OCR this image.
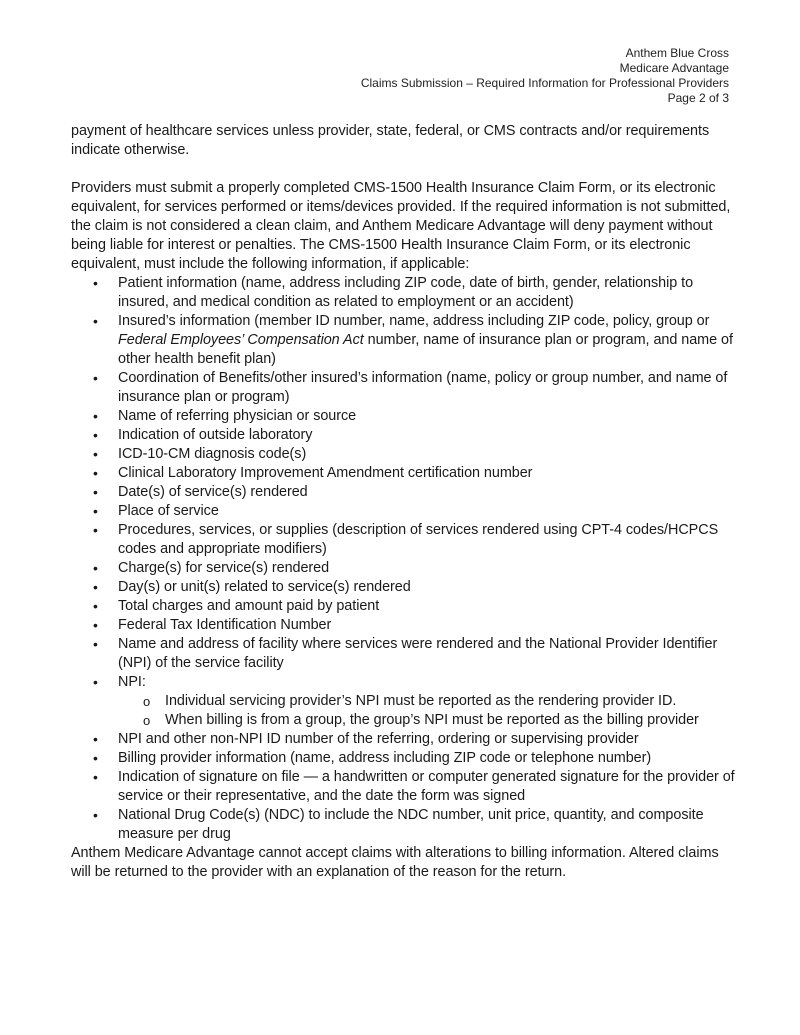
Anthem Blue Cross
Medicare Advantage
Claims Submission – Required Information for Professional Providers
Page 2 of 3

payment of healthcare services unless provider, state, federal, or CMS contracts and/or requirements indicate otherwise.

Providers must submit a properly completed CMS-1500 Health Insurance Claim Form, or its electronic equivalent, for services performed or items/devices provided. If the required information is not submitted, the claim is not considered a clean claim, and Anthem Medicare Advantage will deny payment without being liable for interest or penalties. The CMS-1500 Health Insurance Claim Form, or its electronic equivalent, must include the following information, if applicable:

• Patient information (name, address including ZIP code, date of birth, gender, relationship to insured, and medical condition as related to employment or an accident)
• Insured’s information (member ID number, name, address including ZIP code, policy, group or Federal Employees’ Compensation Act number, name of insurance plan or program, and name of other health benefit plan)
• Coordination of Benefits/other insured’s information (name, policy or group number, and name of insurance plan or program)
• Name of referring physician or source
• Indication of outside laboratory
• ICD-10-CM diagnosis code(s)
• Clinical Laboratory Improvement Amendment certification number
• Date(s) of service(s) rendered
• Place of service
• Procedures, services, or supplies (description of services rendered using CPT-4 codes/HCPCS codes and appropriate modifiers)
• Charge(s) for service(s) rendered
• Day(s) or unit(s) related to service(s) rendered
• Total charges and amount paid by patient
• Federal Tax Identification Number
• Name and address of facility where services were rendered and the National Provider Identifier (NPI) of the service facility
• NPI:
o Individual servicing provider’s NPI must be reported as the rendering provider ID.
o When billing is from a group, the group’s NPI must be reported as the billing provider
• NPI and other non-NPI ID number of the referring, ordering or supervising provider
• Billing provider information (name, address including ZIP code or telephone number)
• Indication of signature on file — a handwritten or computer generated signature for the provider of service or their representative, and the date the form was signed
• National Drug Code(s) (NDC) to include the NDC number, unit price, quantity, and composite measure per drug

Anthem Medicare Advantage cannot accept claims with alterations to billing information. Altered claims will be returned to the provider with an explanation of the reason for the return.
